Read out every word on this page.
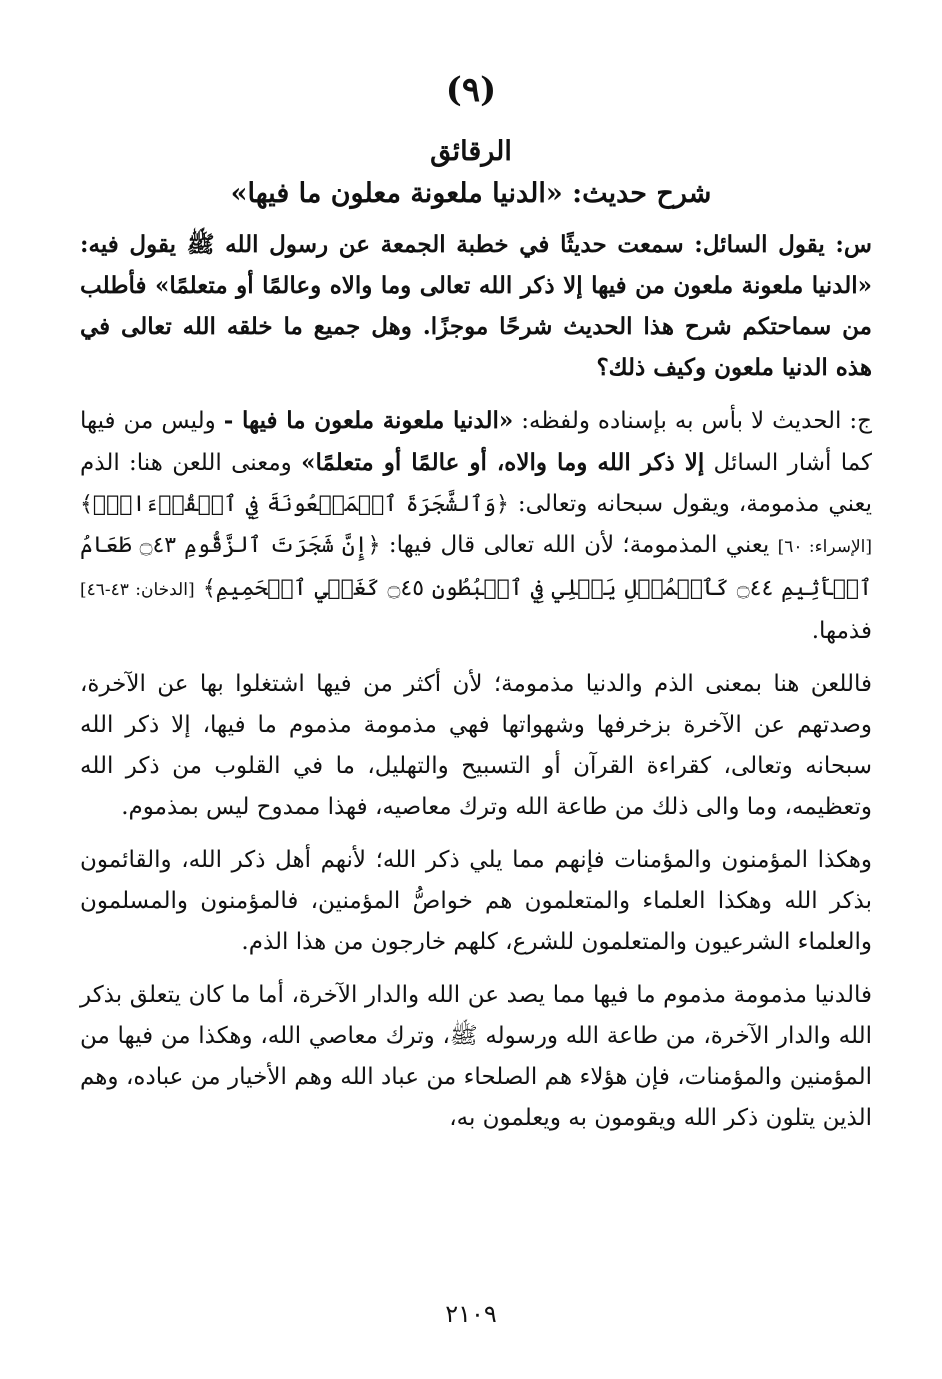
(٩)
الرقائق
شرح حديث: «الدنيا ملعونة معلون ما فيها»

س: يقول السائل: سمعت حديثًا في خطبة الجمعة عن رسول الله ﷺ يقول فيه: «الدنيا ملعونة ملعون من فيها إلا ذكر الله تعالى وما والاه وعالمًا أو متعلمًا» فأطلب من سماحتكم شرح هذا الحديث شرحًا موجزًا. وهل جميع ما خلقه الله تعالى في هذه الدنيا ملعون وكيف ذلك؟

ج: الحديث لا بأس به بإسناده ولفظه: «الدنيا ملعونة ملعون ما فيها - وليس من فيها كما أشار السائل إلا ذكر الله وما والاه، أو عالمًا أو متعلمًا» ومعنى اللعن هنا: الذم يعني مذمومة، ويقول سبحانه وتعالى: ﴿وَٱلشَّجَرَةَ ٱلۡمَلۡعُونَةَ فِي ٱلۡقُرۡءَانِۚ﴾ [الإسراء: ٦٠] يعني المذمومة؛ لأن الله تعالى قال فيها: ﴿إِنَّ شَجَرَتَ ٱلزَّقُّومِ ۝٤٣ طَعَامُ ٱلۡأَثِيمِ ۝٤٤ كَٱلۡمُهۡلِ يَغۡلِي فِي ٱلۡبُطُونِ ۝٤٥ كَغَلۡيِ ٱلۡحَمِيمِ﴾ [الدخان: ٤٣-٤٦] فذمها.

فاللعن هنا بمعنى الذم والدنيا مذمومة؛ لأن أكثر من فيها اشتغلوا بها عن الآخرة، وصدتهم عن الآخرة بزخرفها وشهواتها فهي مذمومة مذموم ما فيها، إلا ذكر الله سبحانه وتعالى، كقراءة القرآن أو التسبيح والتهليل، ما في القلوب من ذكر الله وتعظيمه، وما والى ذلك من طاعة الله وترك معاصيه، فهذا ممدوح ليس بمذموم.

وهكذا المؤمنون والمؤمنات فإنهم مما يلي ذكر الله؛ لأنهم أهل ذكر الله، والقائمون بذكر الله وهكذا العلماء والمتعلمون هم خواصُّ المؤمنين، فالمؤمنون والمسلمون والعلماء الشرعيون والمتعلمون للشرع، كلهم خارجون من هذا الذم.

فالدنيا مذمومة مذموم ما فيها مما يصد عن الله والدار الآخرة، أما ما كان يتعلق بذكر الله والدار الآخرة، من طاعة الله ورسوله ﷺ، وترك معاصي الله، وهكذا من فيها من المؤمنين والمؤمنات، فإن هؤلاء هم الصلحاء من عباد الله وهم الأخيار من عباده، وهم الذين يتلون ذكر الله ويقومون به ويعلمون به،

٢١٠٩
